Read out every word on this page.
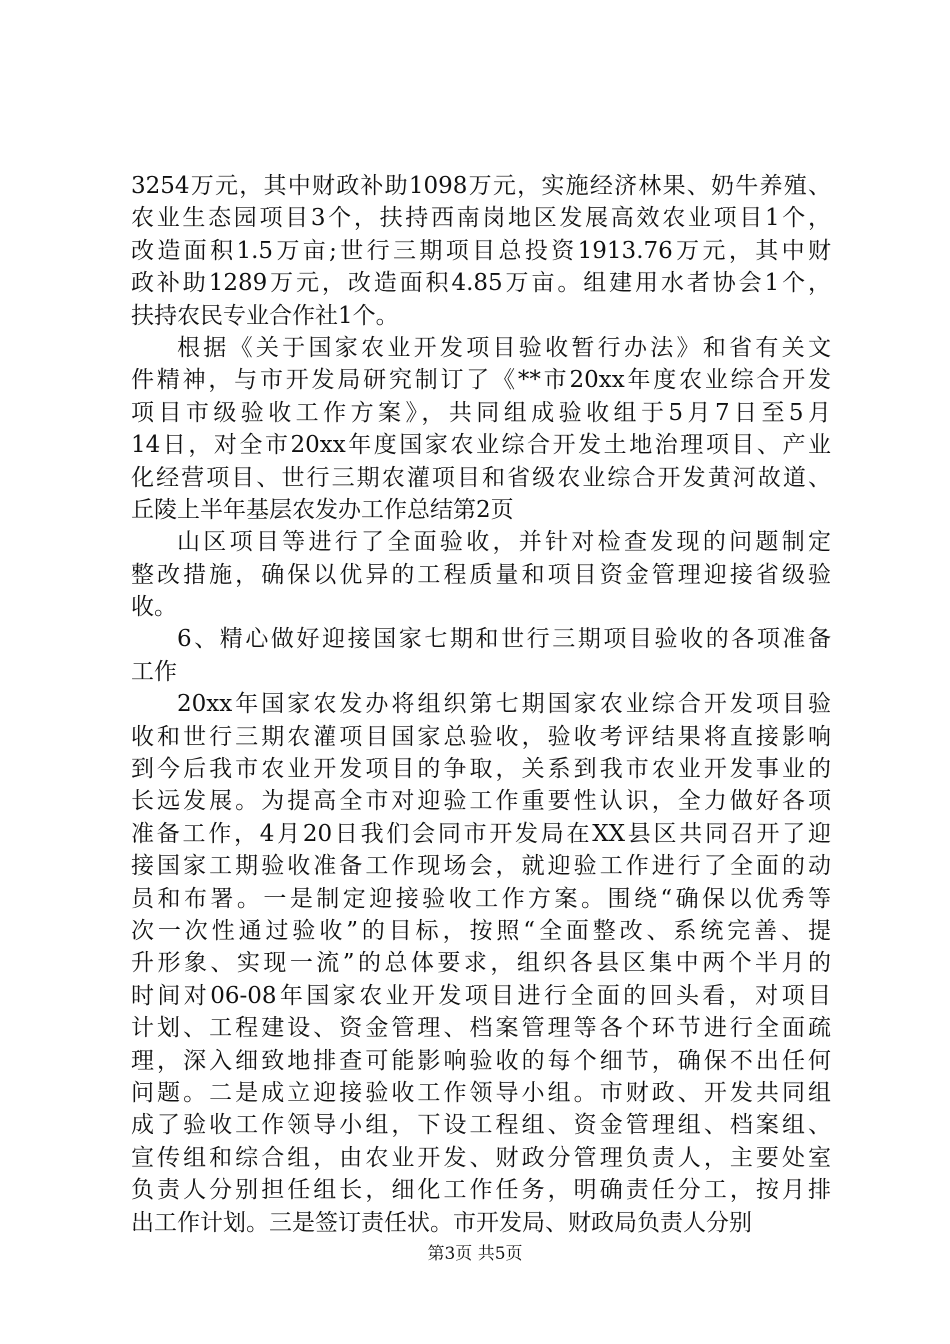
3254万元，其中财政补助1098万元，实施经济林果、奶牛养殖、
农业生态园项目3个，扶持西南岗地区发展高效农业项目1个，
改造面积1.5万亩;世行三期项目总投资1913.76万元，其中财
政补助1289万元，改造面积4.85万亩。组建用水者协会1个，
扶持农民专业合作社1个。
根据《关于国家农业开发项目验收暂行办法》和省有关文
件精神，与市开发局研究制订了《**市20xx年度农业综合开发
项目市级验收工作方案》，共同组成验收组于5月7日至5月
14日，对全市20xx年度国家农业综合开发土地治理项目、产业
化经营项目、世行三期农灌项目和省级农业综合开发黄河故道、
丘陵上半年基层农发办工作总结第2页
山区项目等进行了全面验收，并针对检查发现的问题制定
整改措施，确保以优异的工程质量和项目资金管理迎接省级验
收。
6、精心做好迎接国家七期和世行三期项目验收的各项准备
工作
20xx年国家农发办将组织第七期国家农业综合开发项目验
收和世行三期农灌项目国家总验收，验收考评结果将直接影响
到今后我市农业开发项目的争取，关系到我市农业开发事业的
长远发展。为提高全市对迎验工作重要性认识，全力做好各项
准备工作，4月20日我们会同市开发局在XX县区共同召开了迎
接国家工期验收准备工作现场会，就迎验工作进行了全面的动
员和布署。一是制定迎接验收工作方案。围绕“确保以优秀等
次一次性通过验收”的目标，按照“全面整改、系统完善、提
升形象、实现一流”的总体要求，组织各县区集中两个半月的
时间对06-08年国家农业开发项目进行全面的回头看，对项目
计划、工程建设、资金管理、档案管理等各个环节进行全面疏
理，深入细致地排查可能影响验收的每个细节，确保不出任何
问题。二是成立迎接验收工作领导小组。市财政、开发共同组
成了验收工作领导小组，下设工程组、资金管理组、档案组、
宣传组和综合组，由农业开发、财政分管理负责人，主要处室
负责人分别担任组长，细化工作任务，明确责任分工，按月排
出工作计划。三是签订责任状。市开发局、财政局负责人分别
第3页 共5页
